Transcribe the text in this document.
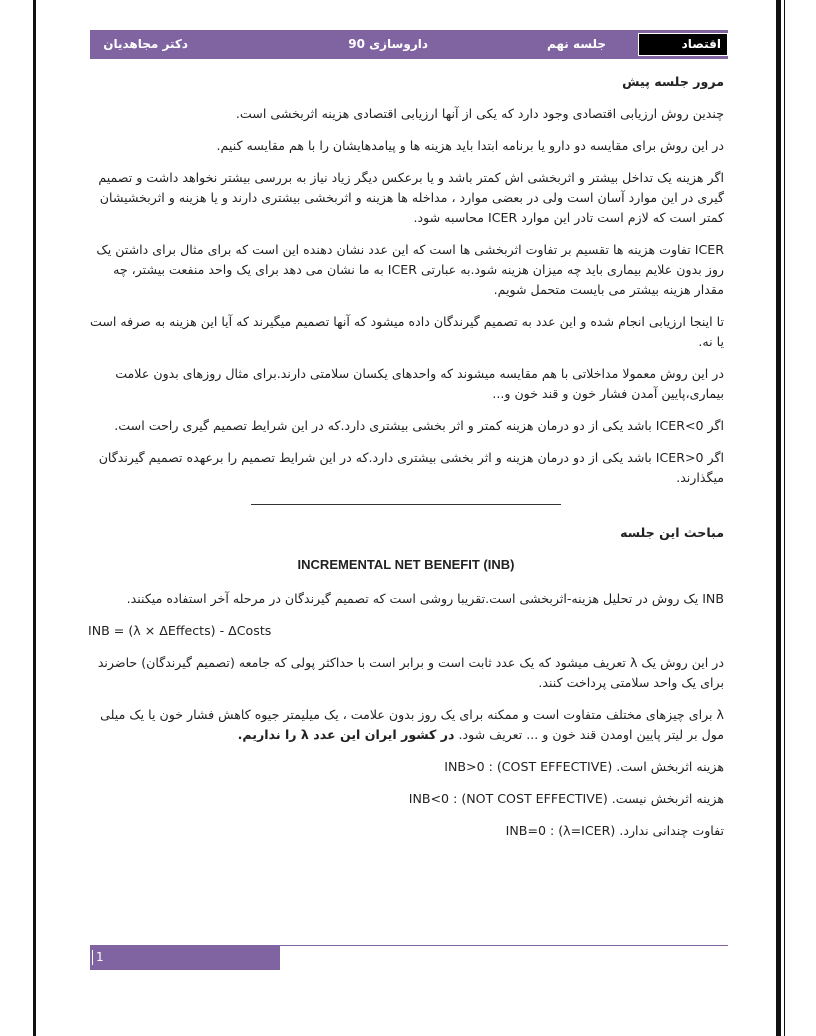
اقتصاد
جلسه نهم
داروسازی 90
دکتر مجاهدیان
مرور جلسه پیش

چندین روش ارزیابی اقتصادی وجود دارد که یکی از آنها ارزیابی اقتصادی هزینه اثربخشی است.

در این روش برای مقایسه دو دارو یا برنامه ابتدا باید هزینه ها و پیامدهایشان را با هم مقایسه کنیم.

اگر هزینه یک تداخل بیشتر و اثربخشی اش کمتر باشد و یا برعکس دیگر زیاد نیاز به بررسی بیشتر نخواهد داشت و تصمیم گیری در این موارد آسان است ولی در بعضی موارد ، مداخله ها هزینه و اثربخشی بیشتری دارند و یا هزینه و اثربخشیشان کمتر است که لازم است تادر این موارد ICER محاسبه شود.

ICER تفاوت هزینه ها تقسیم بر تفاوت اثربخشی ها است که این عدد نشان دهنده این است که برای مثال برای داشتن یک روز بدون علایم بیماری باید چه میزان هزینه شود.به عبارتی ICER به ما نشان می دهد برای یک واحد منفعت بیشتر، چه مقدار هزینه بیشتر می بایست متحمل شویم.

تا اینجا ارزیابی انجام شده و این عدد به تصمیم گیرندگان داده میشود که آنها تصمیم میگیرند که آیا این هزینه به صرفه است یا نه.

در این روش معمولا مداخلاتی با هم مقایسه میشوند که واحدهای یکسان سلامتی دارند.برای مثال روزهای بدون علامت بیماری،پایین آمدن فشار خون و قند خون و...

اگر ICER<0 باشد یکی از دو درمان هزینه کمتر و اثر بخشی بیشتری دارد.که در این شرایط تصمیم گیری راحت است.

اگر ICER>0 باشد یکی از دو درمان هزینه و اثر بخشی بیشتری دارد.که در این شرایط تصمیم را برعهده تصمیم گیرندگان میگذارند.

مباحث این جلسه
INCREMENTAL NET BENEFIT (INB)

INB یک روش در تحلیل هزینه-اثربخشی است.تقریبا روشی است که تصمیم گیرندگان در مرحله آخر استفاده میکنند.

INB = (λ × ΔEffects) - ΔCosts

در این روش یک λ تعریف میشود که یک عدد ثابت است و برابر است با حداکثر پولی که جامعه (تصمیم گیرندگان) حاضرند برای یک واحد سلامتی پرداخت کنند.

λ برای چیزهای مختلف متفاوت است و ممکنه برای یک روز بدون علامت ، یک میلیمتر جیوه کاهش فشار خون یا یک میلی مول بر لیتر پایین اومدن قند خون و ... تعریف شود. در کشور ایران این عدد λ را نداریم.

هزینه اثربخش است. INB>0 : (COST EFFECTIVE)

هزینه اثربخش نیست. INB<0 : (NOT COST EFFECTIVE)

تفاوت چندانی ندارد. INB=0 : (λ=ICER)

1
